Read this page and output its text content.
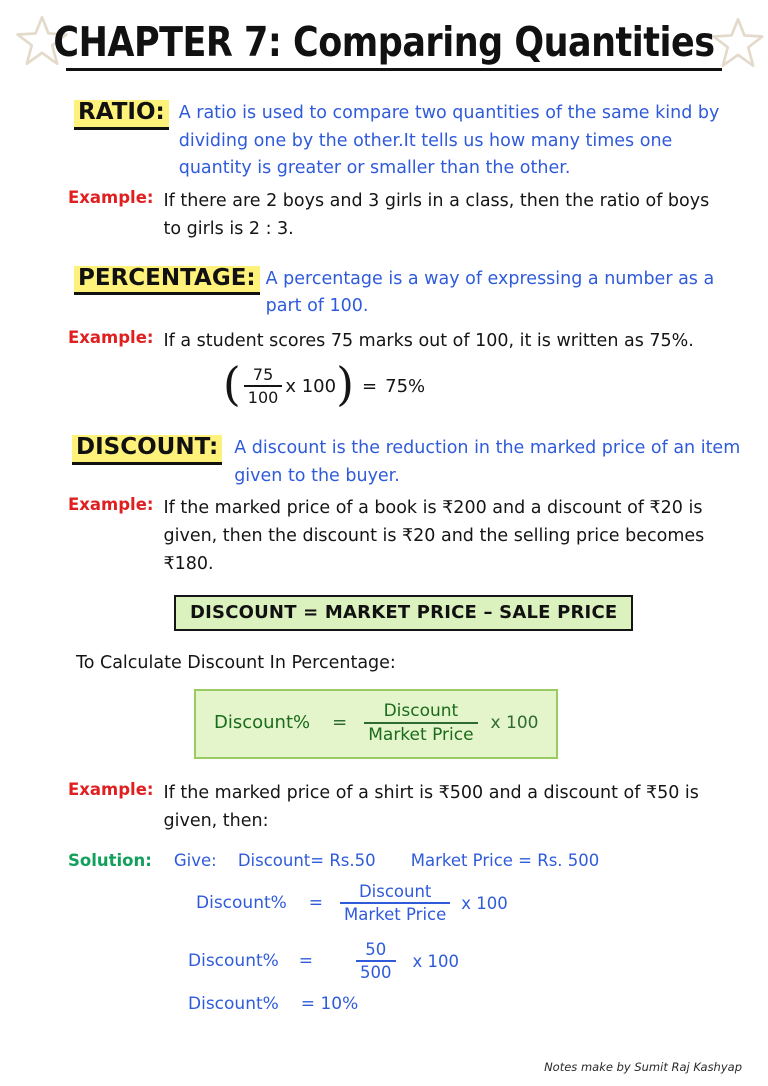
CHAPTER 7: Comparing Quantities
RATIO: A ratio is used to compare two quantities of the same kind by dividing one by the other.It tells us how many times one quantity is greater or smaller than the other.
Example: If there are 2 boys and 3 girls in a class, then the ratio of boys to girls is 2 : 3.
PERCENTAGE: A percentage is a way of expressing a number as a part of 100.
Example: If a student scores 75 marks out of 100, it is written as 75%.
( $\frac{75}{100}$ x 100 ) = 75%
DISCOUNT: A discount is the reduction in the marked price of an item given to the buyer.
Example: If the marked price of a book is ₹200 and a discount of ₹20 is given, then the discount is ₹20 and the selling price becomes ₹180.
DISCOUNT = MARKET PRICE – SALE PRICE
To Calculate Discount In Percentage:
Discount% = $\frac{\text{Discount}}{\text{Market Price}}$ x 100
Example: If the marked price of a shirt is ₹500 and a discount of ₹50 is given, then:
Solution: Give: Discount= Rs.50 Market Price = Rs. 500
Discount% = $\frac{\text{Discount}}{\text{Market Price}}$ x 100
Discount% =	$\frac{50}{500}$ x 100
Discount% = 10%
Notes make by Sumit Raj Kashyap
